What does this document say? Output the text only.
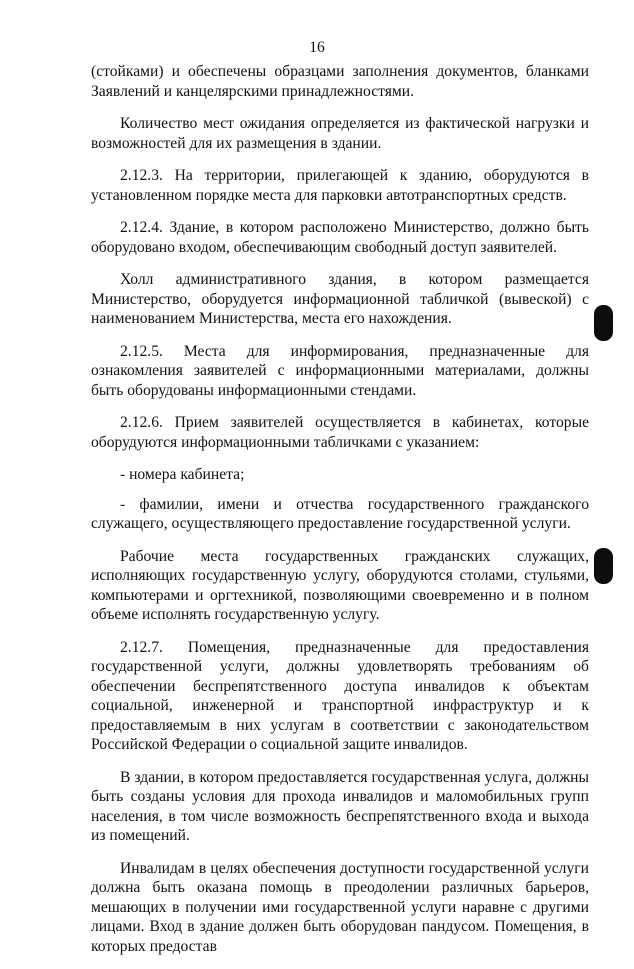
16

(стойками) и обеспечены образцами заполнения документов, бланками Заявлений и канцелярскими принадлежностями.

Количество мест ожидания определяется из фактической нагрузки и возможностей для их размещения в здании.

2.12.3. На территории, прилегающей к зданию, оборудуются в установленном порядке места для парковки автотранспортных средств.

2.12.4. Здание, в котором расположено Министерство, должно быть оборудовано входом, обеспечивающим свободный доступ заявителей.

Холл административного здания, в котором размещается Министерство, оборудуется информационной табличкой (вывеской) с наименованием Министерства, места его нахождения.

2.12.5. Места для информирования, предназначенные для ознакомления заявителей с информационными материалами, должны быть оборудованы информационными стендами.

2.12.6. Прием заявителей осуществляется в кабинетах, которые оборудуются информационными табличками с указанием:

- номера кабинета;

- фамилии, имени и отчества государственного гражданского служащего, осуществляющего предоставление государственной услуги.

Рабочие места государственных гражданских служащих, исполняющих государственную услугу, оборудуются столами, стульями, компьютерами и оргтехникой, позволяющими своевременно и в полном объеме исполнять государственную услугу.

2.12.7. Помещения, предназначенные для предоставления государственной услуги, должны удовлетворять требованиям об обеспечении беспрепятственного доступа инвалидов к объектам социальной, инженерной и транспортной инфраструктур и к предоставляемым в них услугам в соответствии с законодательством Российской Федерации о социальной защите инвалидов.

В здании, в котором предоставляется государственная услуга, должны быть созданы условия для прохода инвалидов и маломобильных групп населения, в том числе возможность беспрепятственного входа и выхода из помещений.

Инвалидам в целях обеспечения доступности государственной услуги должна быть оказана помощь в преодолении различных барьеров, мешающих в получении ими государственной услуги наравне с другими лицами. Вход в здание должен быть оборудован пандусом. Помещения, в которых предостав
